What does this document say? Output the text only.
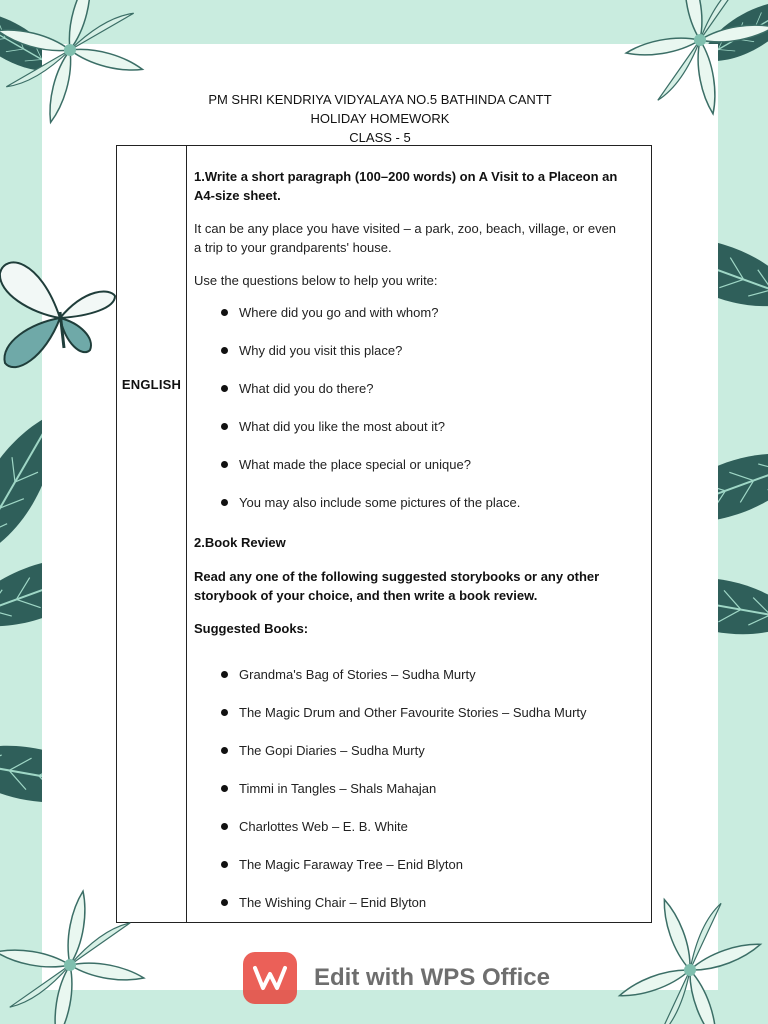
PM SHRI KENDRIYA VIDYALAYA NO.5 BATHINDA CANTT
HOLIDAY HOMEWORK
CLASS - 5
ENGLISH
1.Write a short paragraph (100–200 words) on A Visit to a Placeon an
A4-size sheet.
It can be any place you have visited – a park, zoo, beach, village, or even
a trip to your grandparents' house.
Use the questions below to help you write:
Where did you go and with whom?
Why did you visit this place?
What did you do there?
What did you like the most about it?
What made the place special or unique?
You may also include some pictures of the place.
2.Book Review
Read any one of the following suggested storybooks or any other
storybook of your choice, and then write a book review.
Suggested Books:
Grandma's Bag of Stories – Sudha Murty
The Magic Drum and Other Favourite Stories – Sudha Murty
The Gopi Diaries – Sudha Murty
Timmi in Tangles – Shals Mahajan
Charlottes Web – E. B. White
The Magic Faraway Tree – Enid Blyton
The Wishing Chair – Enid Blyton
Edit with WPS Office
